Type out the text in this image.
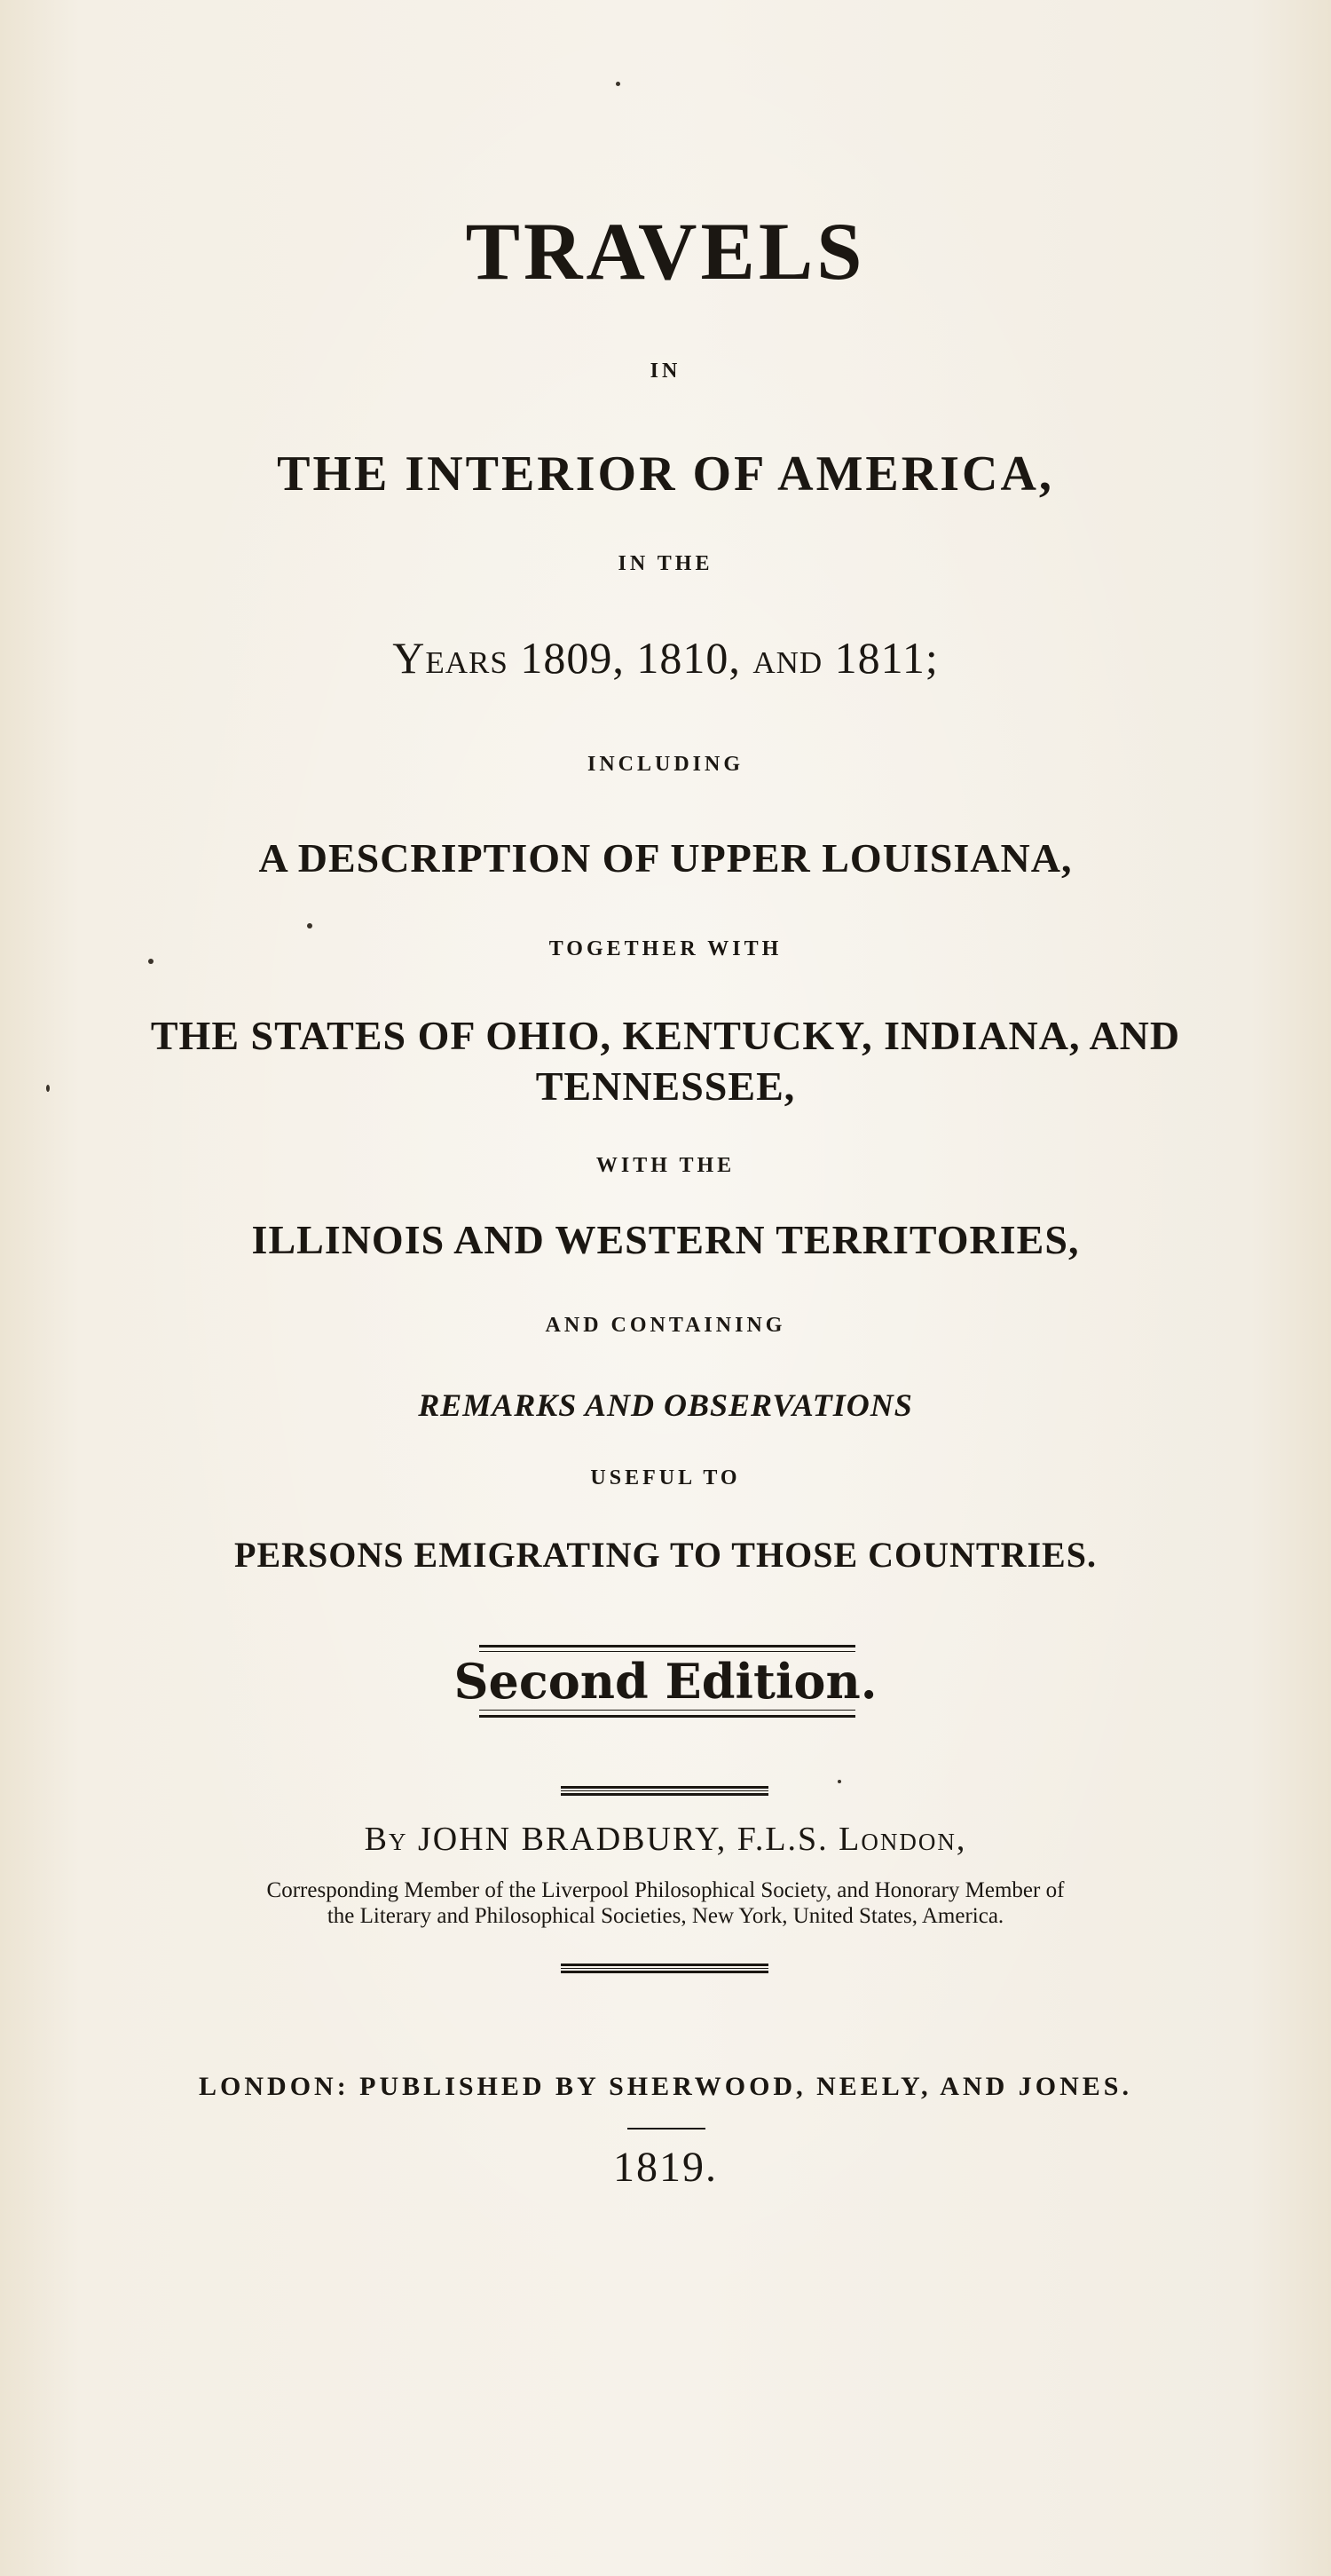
TRAVELS
IN
THE INTERIOR OF AMERICA,
IN THE
Years 1809, 1810, and 1811;
INCLUDING
A DESCRIPTION OF UPPER LOUISIANA,
TOGETHER WITH
THE STATES OF OHIO, KENTUCKY, INDIANA, AND
TENNESSEE,
WITH THE
ILLINOIS AND WESTERN TERRITORIES,
AND CONTAINING
REMARKS AND OBSERVATIONS
USEFUL TO
PERSONS EMIGRATING TO THOSE COUNTRIES.
Second Edition.
By JOHN BRADBURY, F.L.S. London,
Corresponding Member of the Liverpool Philosophical Society, and Honorary Member of
the Literary and Philosophical Societies, New York, United States, America.
LONDON: PUBLISHED BY SHERWOOD, NEELY, AND JONES.
1819.
